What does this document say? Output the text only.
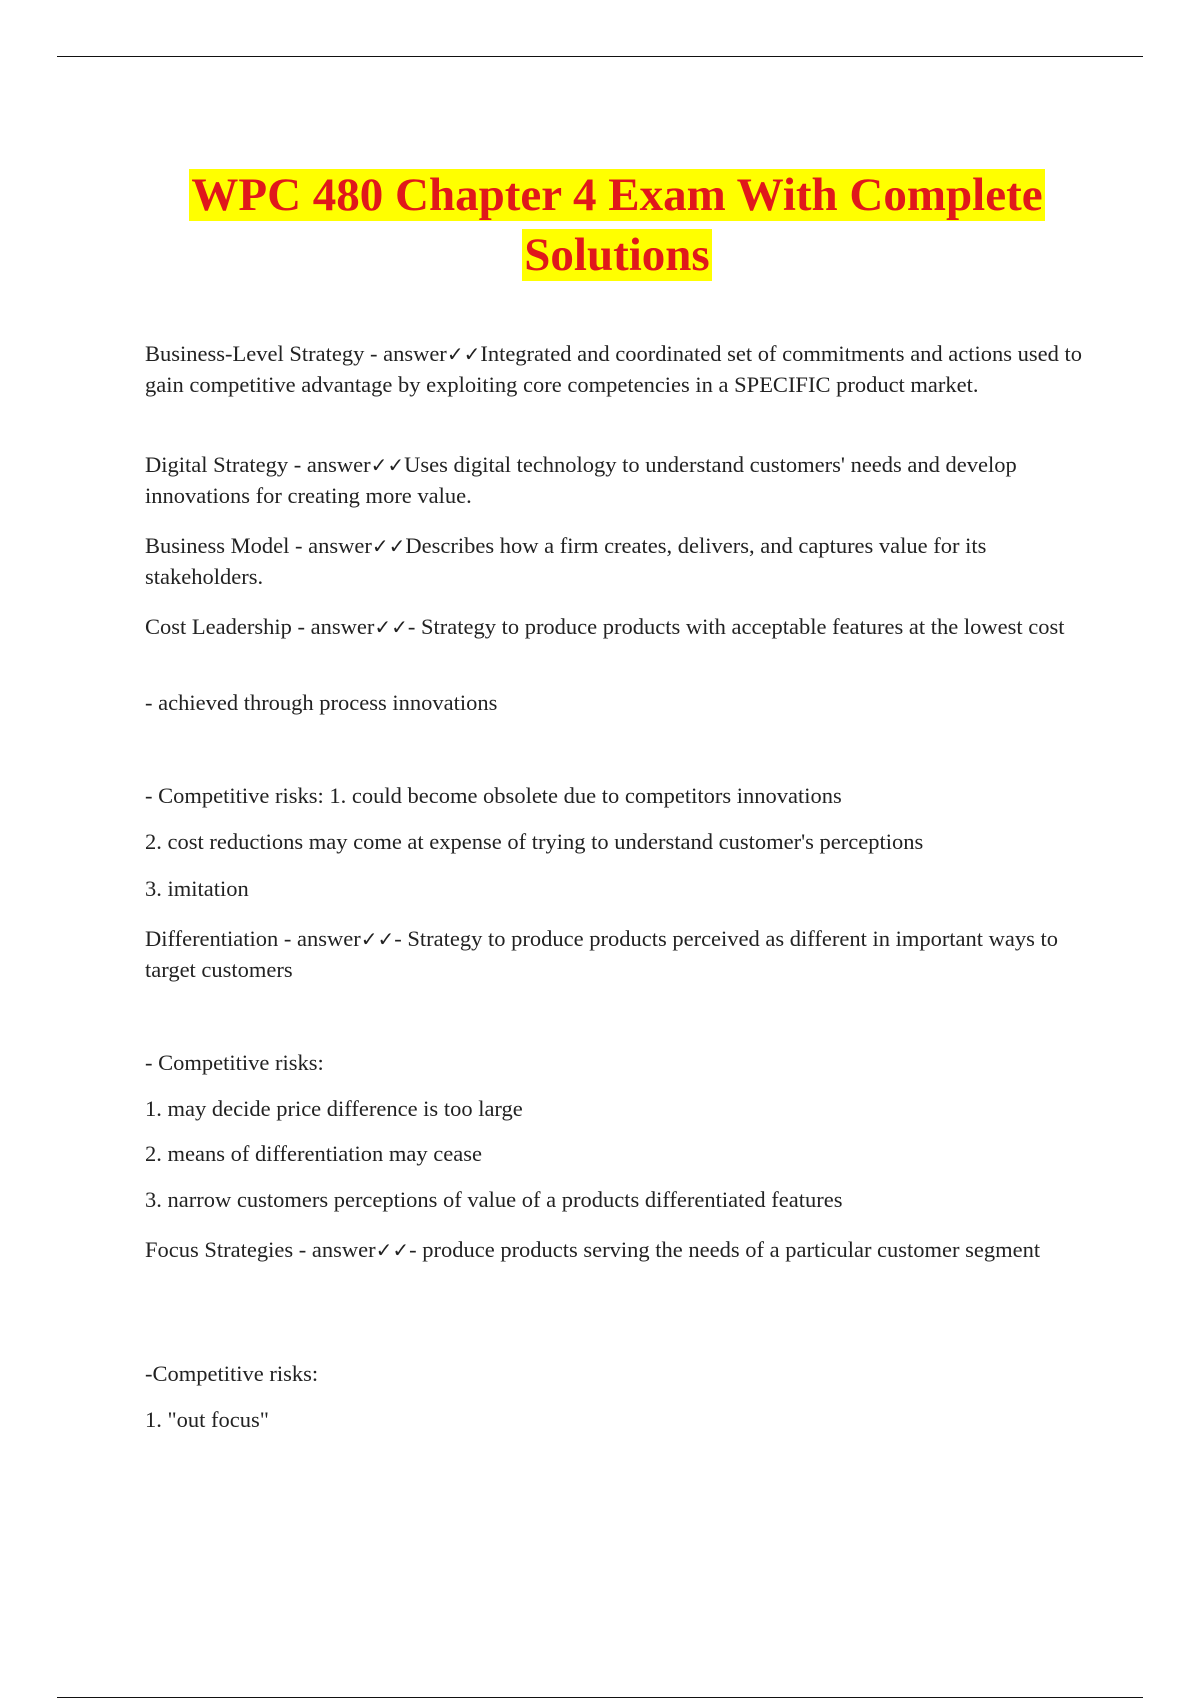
WPC 480 Chapter 4 Exam With Complete
Solutions

Business-Level Strategy - answer✓✓Integrated and coordinated set of commitments and actions used to gain competitive advantage by exploiting core competencies in a SPECIFIC product market.

Digital Strategy - answer✓✓Uses digital technology to understand customers' needs and develop innovations for creating more value.

Business Model - answer✓✓Describes how a firm creates, delivers, and captures value for its stakeholders.

Cost Leadership - answer✓✓- Strategy to produce products with acceptable features at the lowest cost

- achieved through process innovations

- Competitive risks: 1. could become obsolete due to competitors innovations

2. cost reductions may come at expense of trying to understand customer's perceptions

3. imitation

Differentiation - answer✓✓- Strategy to produce products perceived as different in important ways to target customers

- Competitive risks:

1. may decide price difference is too large

2. means of differentiation may cease

3. narrow customers perceptions of value of a products differentiated features

Focus Strategies - answer✓✓- produce products serving the needs of a particular customer segment

-Competitive risks:

1. "out focus"
